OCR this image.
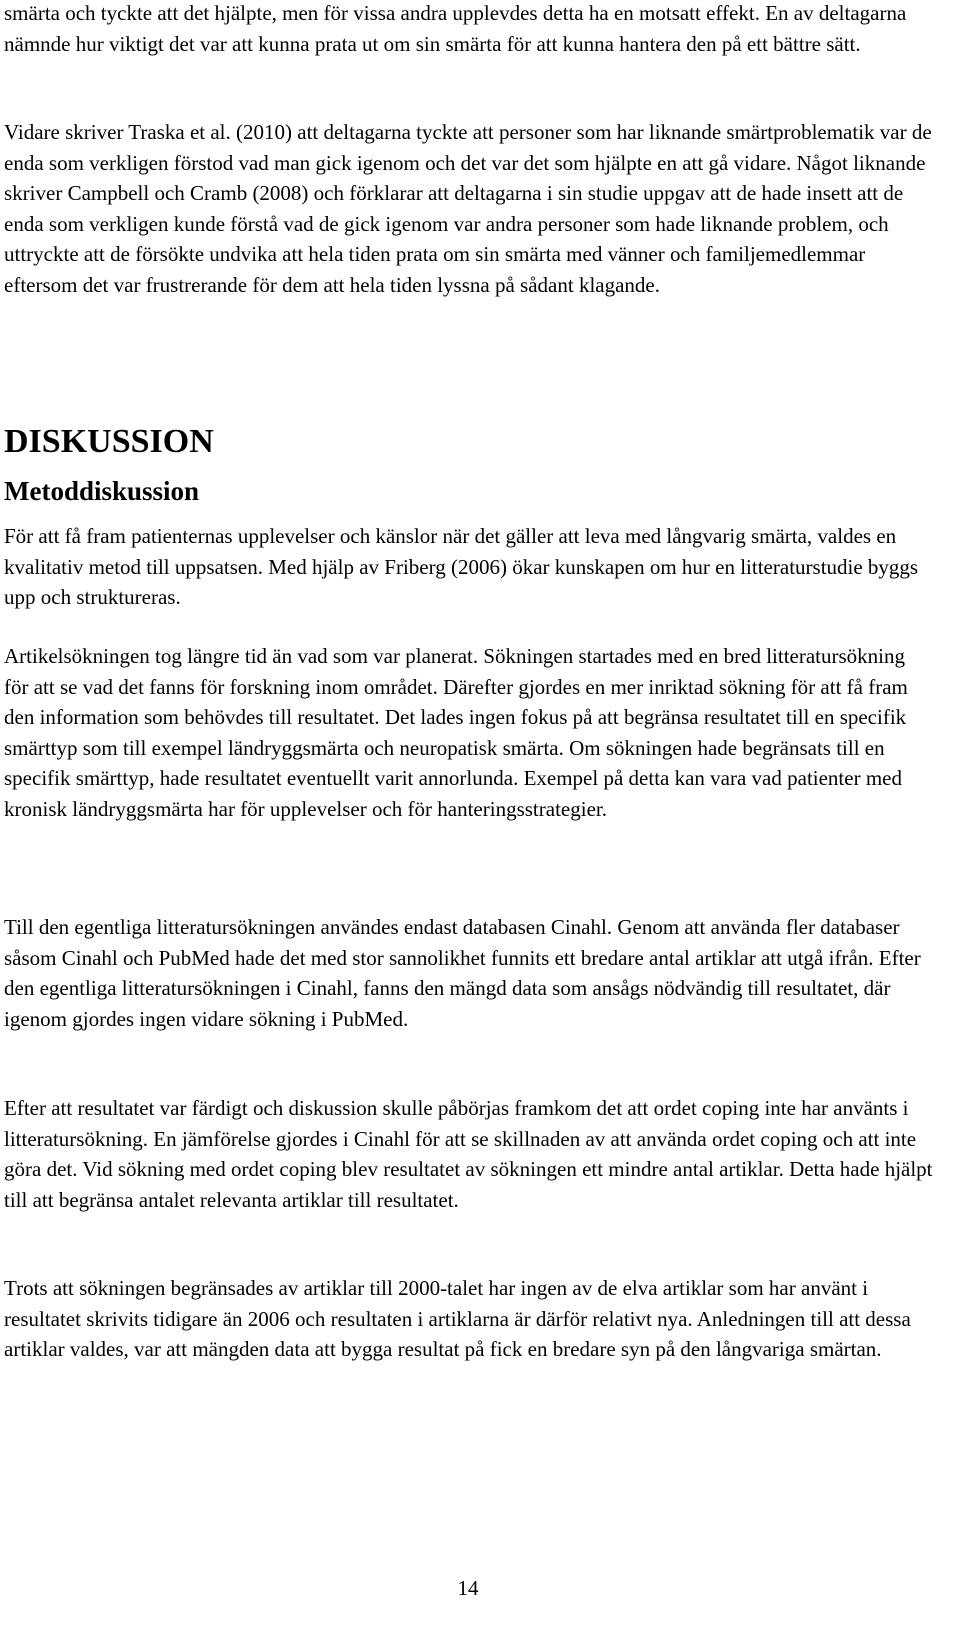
smärta och tyckte att det hjälpte, men för vissa andra upplevdes detta ha en motsatt effekt. En av deltagarna nämnde hur viktigt det var att kunna prata ut om sin smärta för att kunna hantera den på ett bättre sätt.

Vidare skriver Traska et al. (2010) att deltagarna tyckte att personer som har liknande smärtproblematik var de enda som verkligen förstod vad man gick igenom och det var det som hjälpte en att gå vidare. Något liknande skriver Campbell och Cramb (2008) och förklarar att deltagarna i sin studie uppgav att de hade insett att de enda som verkligen kunde förstå vad de gick igenom var andra personer som hade liknande problem, och uttryckte att de försökte undvika att hela tiden prata om sin smärta med vänner och familjemedlemmar eftersom det var frustrerande för dem att hela tiden lyssna på sådant klagande.

DISKUSSION
Metoddiskussion

För att få fram patienternas upplevelser och känslor när det gäller att leva med långvarig smärta, valdes en kvalitativ metod till uppsatsen. Med hjälp av Friberg (2006) ökar kunskapen om hur en litteraturstudie byggs upp och struktureras.

Artikelsökningen tog längre tid än vad som var planerat. Sökningen startades med en bred litteratursökning för att se vad det fanns för forskning inom området. Därefter gjordes en mer inriktad sökning för att få fram den information som behövdes till resultatet. Det lades ingen fokus på att begränsa resultatet till en specifik smärttyp som till exempel ländryggsmärta och neuropatisk smärta. Om sökningen hade begränsats till en specifik smärttyp, hade resultatet eventuellt varit annorlunda. Exempel på detta kan vara vad patienter med kronisk ländryggsmärta har för upplevelser och för hanteringsstrategier.

Till den egentliga litteratursökningen användes endast databasen Cinahl. Genom att använda fler databaser såsom Cinahl och PubMed hade det med stor sannolikhet funnits ett bredare antal artiklar att utgå ifrån. Efter den egentliga litteratursökningen i Cinahl, fanns den mängd data som ansågs nödvändig till resultatet, där igenom gjordes ingen vidare sökning i PubMed.

Efter att resultatet var färdigt och diskussion skulle påbörjas framkom det att ordet coping inte har använts i litteratursökning. En jämförelse gjordes i Cinahl för att se skillnaden av att använda ordet coping och att inte göra det. Vid sökning med ordet coping blev resultatet av sökningen ett mindre antal artiklar. Detta hade hjälpt till att begränsa antalet relevanta artiklar till resultatet.

Trots att sökningen begränsades av artiklar till 2000-talet har ingen av de elva artiklar som har använt i resultatet skrivits tidigare än 2006 och resultaten i artiklarna är därför relativt nya. Anledningen till att dessa artiklar valdes, var att mängden data att bygga resultat på fick en bredare syn på den långvariga smärtan.

14
